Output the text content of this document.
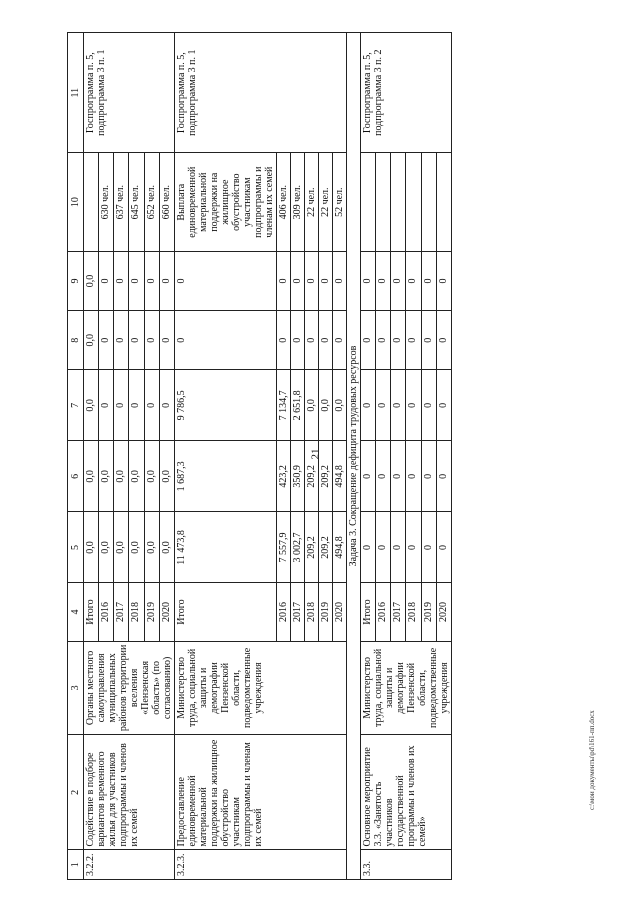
21
c:\мои документы\pd\161-пп.docx
1	2	3	4	5	6	7	8	9	10	11
3.2.2.	Содействие в подборе вариантов временного жилья для участников подпрограммы и членов их семей	Органы местного самоуправления муниципальных районов территории вселения «Пензенская область» (по согласованию)	Итого	0,0	0,0	0,0	0,0	0,0		Госпрограмма п. 5, подпрограмма 3 п. 1
			2016	0,0	0,0	0	0	0	630 чел.	
			2017	0,0	0,0	0	0	0	637 чел.	
			2018	0,0	0,0	0	0	0	645 чел.	
			2019	0,0	0,0	0	0	0	652 чел.	
			2020	0,0	0,0	0	0	0	660 чел.	
3.2.3.	Предоставление единовременной материальной поддержки на жилищное обустройство участникам подпрограммы и членам их семей	Министерство труда, социальной защиты и демографии Пензенской области, подведомственные учреждения	Итого	11 473,8	1 687,3	9 786,5	0	0	Выплата единовременной материальной поддержки на жилищное обустройство участникам подпрограммы и членам их семей	Госпрограмма п. 5, подпрограмма 3 п. 1
			2016	7 557,9	423,2	7 134,7	0	0	406 чел.	
			2017	3 002,7	350,9	2 651,8	0	0	309 чел.	
			2018	209,2	209,2	0,0	0	0	22 чел.	
			2019	209,2	209,2	0,0	0	0	22 чел.	
			2020	494,8	494,8	0,0	0	0	52 чел.	
Задача 3. Сокращение дефицита трудовых ресурсов										
3.3.	Основное мероприятие 3.3. «Занятость участников государственной программы и членов их семей»	Министерство труда, социальной защиты и демографии Пензенской области, подведомственные учреждения	Итого	0	0	0	0	0		Госпрограмма п. 5, подпрограмма 3 п. 2
			2016	0	0	0	0	0		
			2017	0	0	0	0	0		
			2018	0	0	0	0	0		
			2019	0	0	0	0	0		
			2020	0	0	0	0	0		
